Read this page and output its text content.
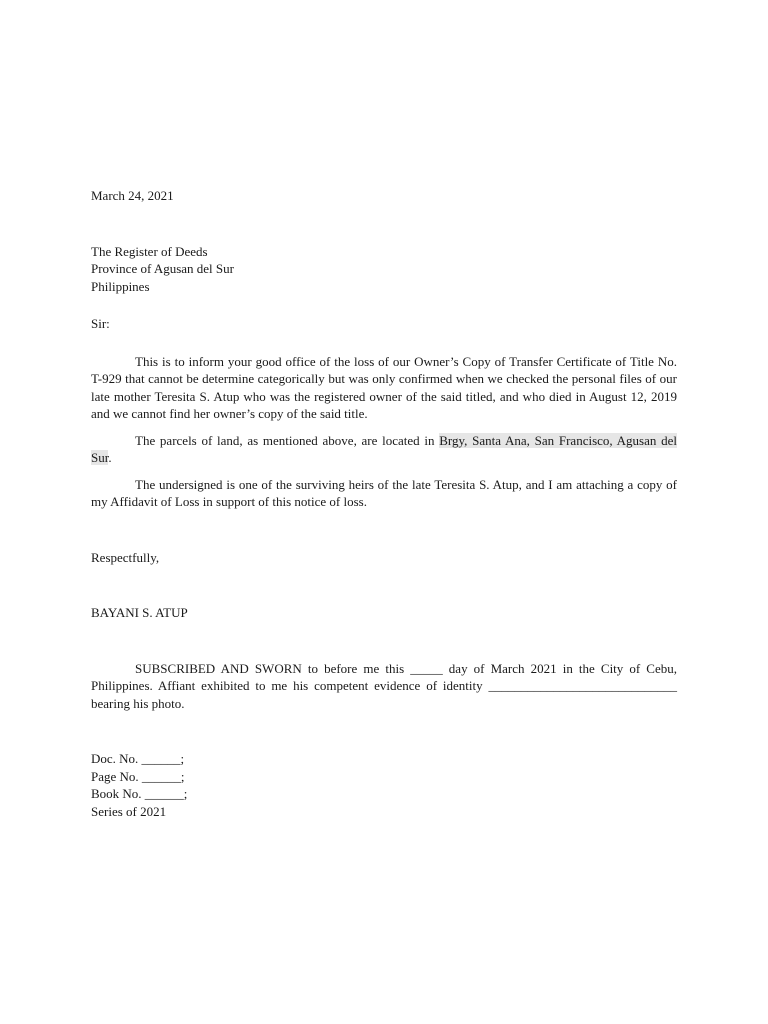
March 24, 2021
The Register of Deeds
Province of Agusan del Sur
Philippines
Sir:

This is to inform your good office of the loss of our Owner’s Copy of Transfer Certificate of Title No. T-929 that cannot be determine categorically but was only confirmed when we checked the personal files of our late mother Teresita S. Atup who was the registered owner of the said titled, and who died in August 12, 2019 and we cannot find her owner’s copy of the said title.

The parcels of land, as mentioned above, are located in Brgy, Santa Ana, San Francisco, Agusan del Sur.

The undersigned is one of the surviving heirs of the late Teresita S. Atup, and I am attaching a copy of my Affidavit of Loss in support of this notice of loss.

Respectfully,
BAYANI S. ATUP

SUBSCRIBED AND SWORN to before me this _____ day of March 2021 in the City of Cebu, Philippines. Affiant exhibited to me his competent evidence of identity _____________________________ bearing his photo.

Doc. No. ______;
Page No. ______;
Book No. ______;
Series of 2021
